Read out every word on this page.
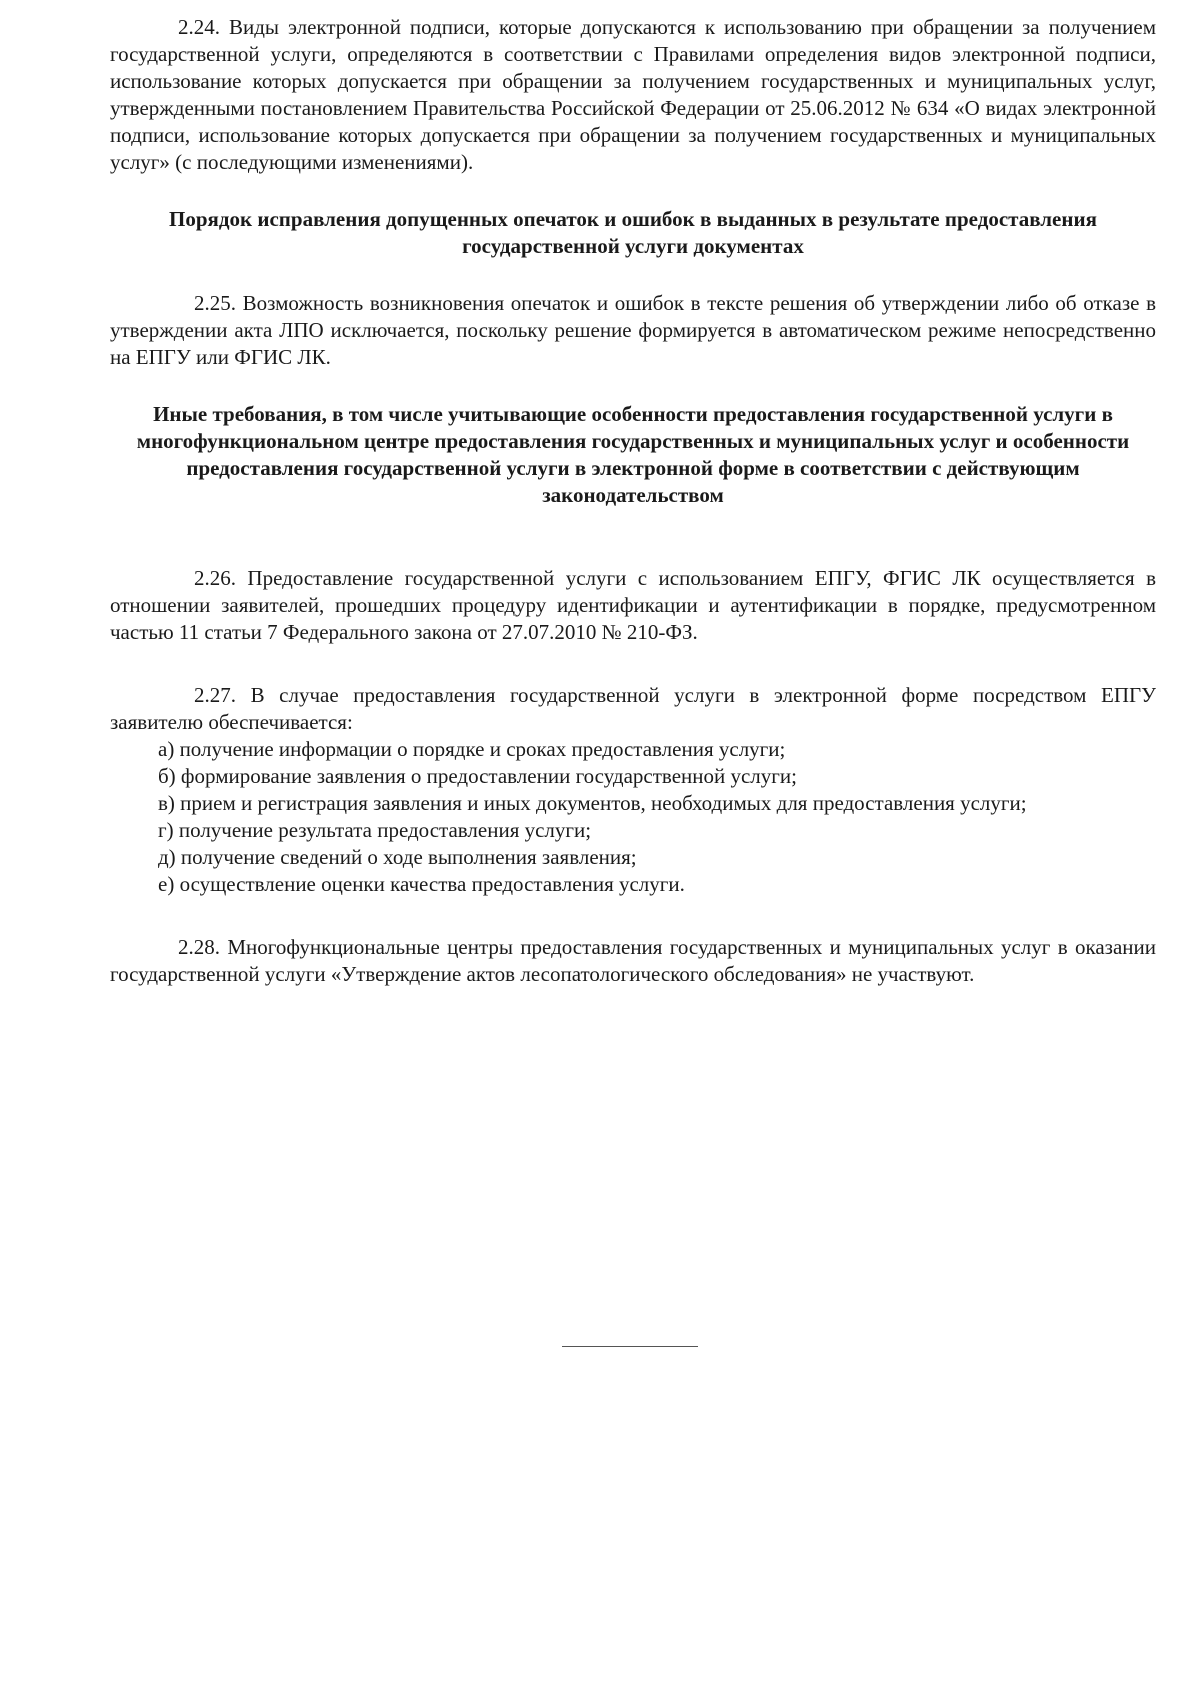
2.24. Виды электронной подписи, которые допускаются к использованию при обращении за получением государственной услуги, определяются в соответствии с Правилами определения видов электронной подписи, использование которых допускается при обращении за получением государственных и муниципальных услуг, утвержденными постановлением Правительства Российской Федерации от 25.06.2012 № 634 «О видах электронной подписи, использование которых допускается при обращении за получением государственных и муниципальных услуг» (с последующими изменениями).

Порядок исправления допущенных опечаток и ошибок в выданных в результате предоставления государственной услуги документах

2.25. Возможность возникновения опечаток и ошибок в тексте решения об утверждении либо об отказе в утверждении акта ЛПО исключается, поскольку решение формируется в автоматическом режиме непосредственно на ЕПГУ или ФГИС ЛК.

Иные требования, в том числе учитывающие особенности предоставления государственной услуги в многофункциональном центре предоставления государственных и муниципальных услуг и особенности предоставления государственной услуги в электронной форме в соответствии с действующим законодательством

2.26. Предоставление государственной услуги с использованием ЕПГУ, ФГИС ЛК осуществляется в отношении заявителей, прошедших процедуру идентификации и аутентификации в порядке, предусмотренном частью 11 статьи 7 Федерального закона от 27.07.2010 № 210-ФЗ.

2.27. В случае предоставления государственной услуги в электронной форме посредством ЕПГУ заявителю обеспечивается:

а) получение информации о порядке и сроках предоставления услуги;

б) формирование заявления о предоставлении государственной услуги;

в) прием и регистрация заявления и иных документов, необходимых для предоставления услуги;

г) получение результата предоставления услуги;

д) получение сведений о ходе выполнения заявления;

е) осуществление оценки качества предоставления услуги.

2.28. Многофункциональные центры предоставления государственных и муниципальных услуг в оказании государственной услуги «Утверждение актов лесопатологического обследования» не участвуют.
